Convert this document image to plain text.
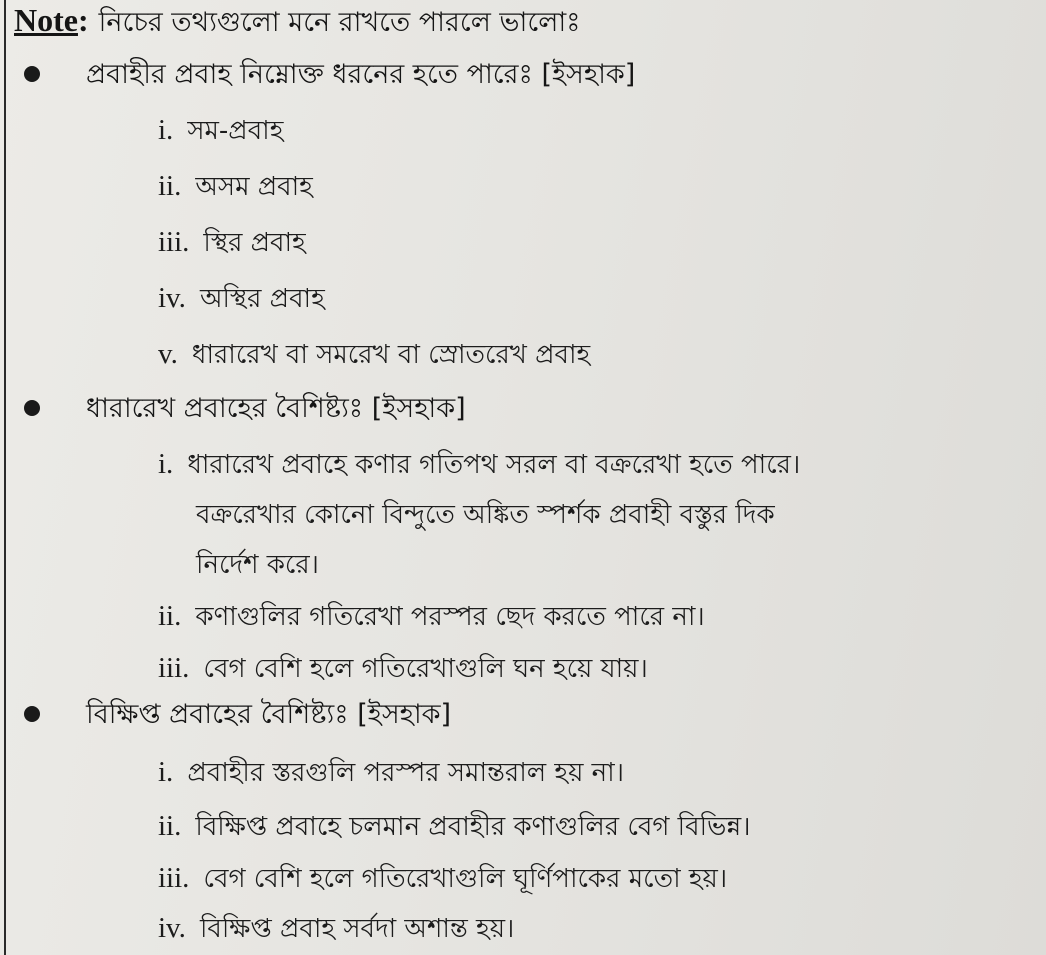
Note: নিচের তথ্যগুলো মনে রাখতে পারলে ভালোঃ
প্রবাহীর প্রবাহ নিম্নোক্ত ধরনের হতে পারেঃ [ইসহাক]
i. সম-প্রবাহ
ii. অসম প্রবাহ
iii. স্থির প্রবাহ
iv. অস্থির প্রবাহ
v. ধারারেখ বা সমরেখ বা স্রোতরেখ প্রবাহ
ধারারেখ প্রবাহের বৈশিষ্ট্যঃ [ইসহাক]
i. ধারারেখ প্রবাহে কণার গতিপথ সরল বা বক্ররেখা হতে পারে।
বক্ররেখার কোনো বিন্দুতে অঙ্কিত স্পর্শক প্রবাহী বস্তুর দিক
নির্দেশ করে।
ii. কণাগুলির গতিরেখা পরস্পর ছেদ করতে পারে না।
iii. বেগ বেশি হলে গতিরেখাগুলি ঘন হয়ে যায়।
বিক্ষিপ্ত প্রবাহের বৈশিষ্ট্যঃ [ইসহাক]
i. প্রবাহীর স্তরগুলি পরস্পর সমান্তরাল হয় না।
ii. বিক্ষিপ্ত প্রবাহে চলমান প্রবাহীর কণাগুলির বেগ বিভিন্ন।
iii. বেগ বেশি হলে গতিরেখাগুলি ঘূর্ণিপাকের মতো হয়।
iv. বিক্ষিপ্ত প্রবাহ সর্বদা অশান্ত হয়।
